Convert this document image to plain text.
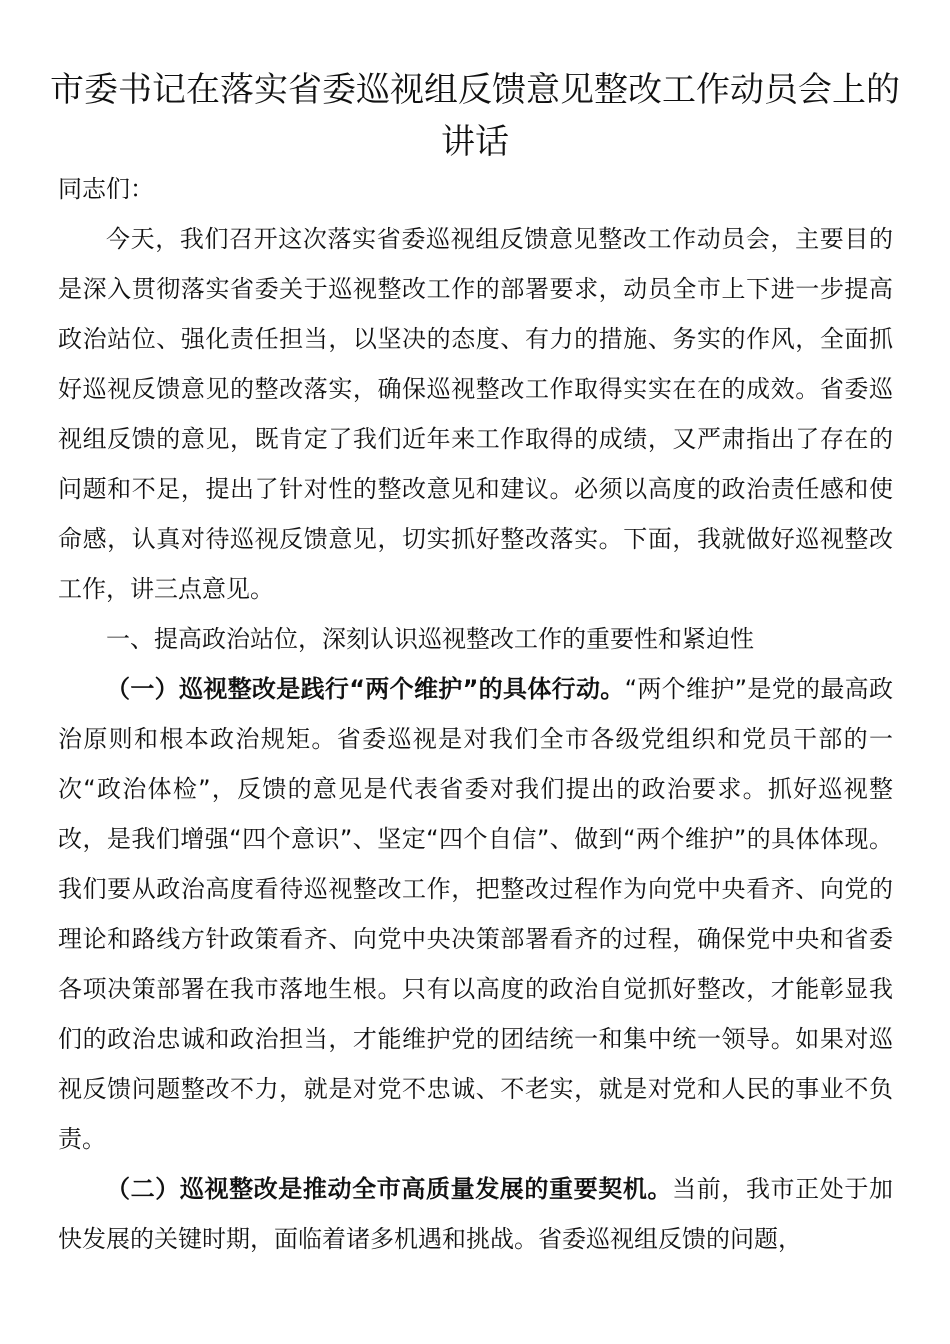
市委书记在落实省委巡视组反馈意见整改工作动员会上的讲话

同志们：

今天，我们召开这次落实省委巡视组反馈意见整改工作动员会，主要目的是深入贯彻落实省委关于巡视整改工作的部署要求，动员全市上下进一步提高政治站位、强化责任担当，以坚决的态度、有力的措施、务实的作风，全面抓好巡视反馈意见的整改落实，确保巡视整改工作取得实实在在的成效。省委巡视组反馈的意见，既肯定了我们近年来工作取得的成绩，又严肃指出了存在的问题和不足，提出了针对性的整改意见和建议。必须以高度的政治责任感和使命感，认真对待巡视反馈意见，切实抓好整改落实。下面，我就做好巡视整改工作，讲三点意见。

一、提高政治站位，深刻认识巡视整改工作的重要性和紧迫性

（一）巡视整改是践行“两个维护”的具体行动。“两个维护”是党的最高政治原则和根本政治规矩。省委巡视是对我们全市各级党组织和党员干部的一次“政治体检”，反馈的意见是代表省委对我们提出的政治要求。抓好巡视整改，是我们增强“四个意识”、坚定“四个自信”、做到“两个维护”的具体体现。我们要从政治高度看待巡视整改工作，把整改过程作为向党中央看齐、向党的理论和路线方针政策看齐、向党中央决策部署看齐的过程，确保党中央和省委各项决策部署在我市落地生根。只有以高度的政治自觉抓好整改，才能彰显我们的政治忠诚和政治担当，才能维护党的团结统一和集中统一领导。如果对巡视反馈问题整改不力，就是对党不忠诚、不老实，就是对党和人民的事业不负责。

（二）巡视整改是推动全市高质量发展的重要契机。当前，我市正处于加快发展的关键时期，面临着诸多机遇和挑战。省委巡视组反馈的问题，
